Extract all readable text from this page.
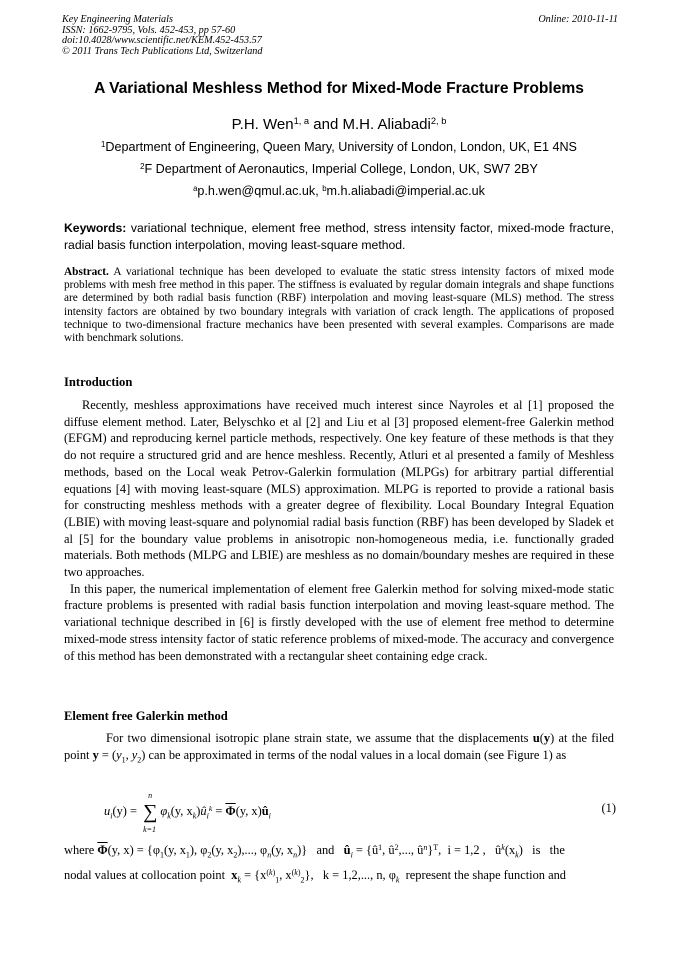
Key Engineering Materials	Online: 2010-11-11
ISSN: 1662-9795, Vols. 452-453, pp 57-60
doi:10.4028/www.scientific.net/KEM.452-453.57
© 2011 Trans Tech Publications Ltd, Switzerland
A Variational Meshless Method for Mixed-Mode Fracture Problems
P.H. Wen$^{1, a}$ and M.H. Aliabadi$^{2, b}$
$^1$Department of Engineering, Queen Mary, University of London, London, UK, E1 4NS
$^2$F Department of Aeronautics, Imperial College, London, UK, SW7 2BY
$^a$p.h.wen@qmul.ac.uk, $^b$m.h.aliabadi@imperial.ac.uk
Keywords: variational technique, element free method, stress intensity factor, mixed-mode fracture, radial basis function interpolation, moving least-square method.
Abstract. A variational technique has been developed to evaluate the static stress intensity factors of mixed mode problems with mesh free method in this paper. The stiffness is evaluated by regular domain integrals and shape functions are determined by both radial basis function (RBF) interpolation and moving least-square (MLS) method. The stress intensity factors are obtained by two boundary integrals with variation of crack length. The applications of proposed technique to two-dimensional fracture mechanics have been presented with several examples. Comparisons are made with benchmark solutions.
Introduction

Recently, meshless approximations have received much interest since Nayroles et al [1] proposed the diffuse element method. Later, Belyschko et al [2] and Liu et al [3] proposed element-free Galerkin method (EFGM) and reproducing kernel particle methods, respectively. One key feature of these methods is that they do not require a structured grid and are hence meshless. Recently, Atluri et al presented a family of Meshless methods, based on the Local weak Petrov-Galerkin formulation (MLPGs) for arbitrary partial differential equations [4] with moving least-square (MLS) approximation. MLPG is reported to provide a rational basis for constructing meshless methods with a greater degree of flexibility. Local Boundary Integral Equation (LBIE) with moving least-square and polynomial radial basis function (RBF) has been developed by Sladek et al [5] for the boundary value problems in anisotropic non-homogeneous media, i.e. functionally graded materials. Both methods (MLPG and LBIE) are meshless as no domain/boundary meshes are required in these two approaches.

In this paper, the numerical implementation of element free Galerkin method for solving mixed-mode static fracture problems is presented with radial basis function interpolation and moving least-square method. The variational technique described in [6] is firstly developed with the use of element free method to determine mixed-mode stress intensity factor of static reference problems of mixed-mode. The accuracy and convergence of this method has been demonstrated with a rectangular sheet containing edge crack.

Element free Galerkin method

For two dimensional isotropic plane strain state, we assume that the displacements u(y) at the filed point $y = (y_1$, $y_2$) can be approximated in terms of the nodal values in a local domain (see Figure 1) as

$u_i(y)$ = ∑
n
k=1
$\varphi_k(y$, $x_k)û_i^k = \overline{\Phi}(y$, $x)û_i$
(1)
where $\overline{\Phi}(y$, $x) = \{\varphi_1(y$, $x_1$), $\varphi_2(y$, $x_2$),..., $\varphi_n(y$, $x_n$)}   and   $û_i$ = {$û^1$, $û^2$,..., $û^n\}^T$,  i = 1,2 ,   $û^k(x_k)$   is   the
nodal values at collocation point  $x_k = \{x^{(k)}_1$, $x^{(k)}_2$},   k = 1,2,..., n, $\varphi_k$  represent the shape function and
